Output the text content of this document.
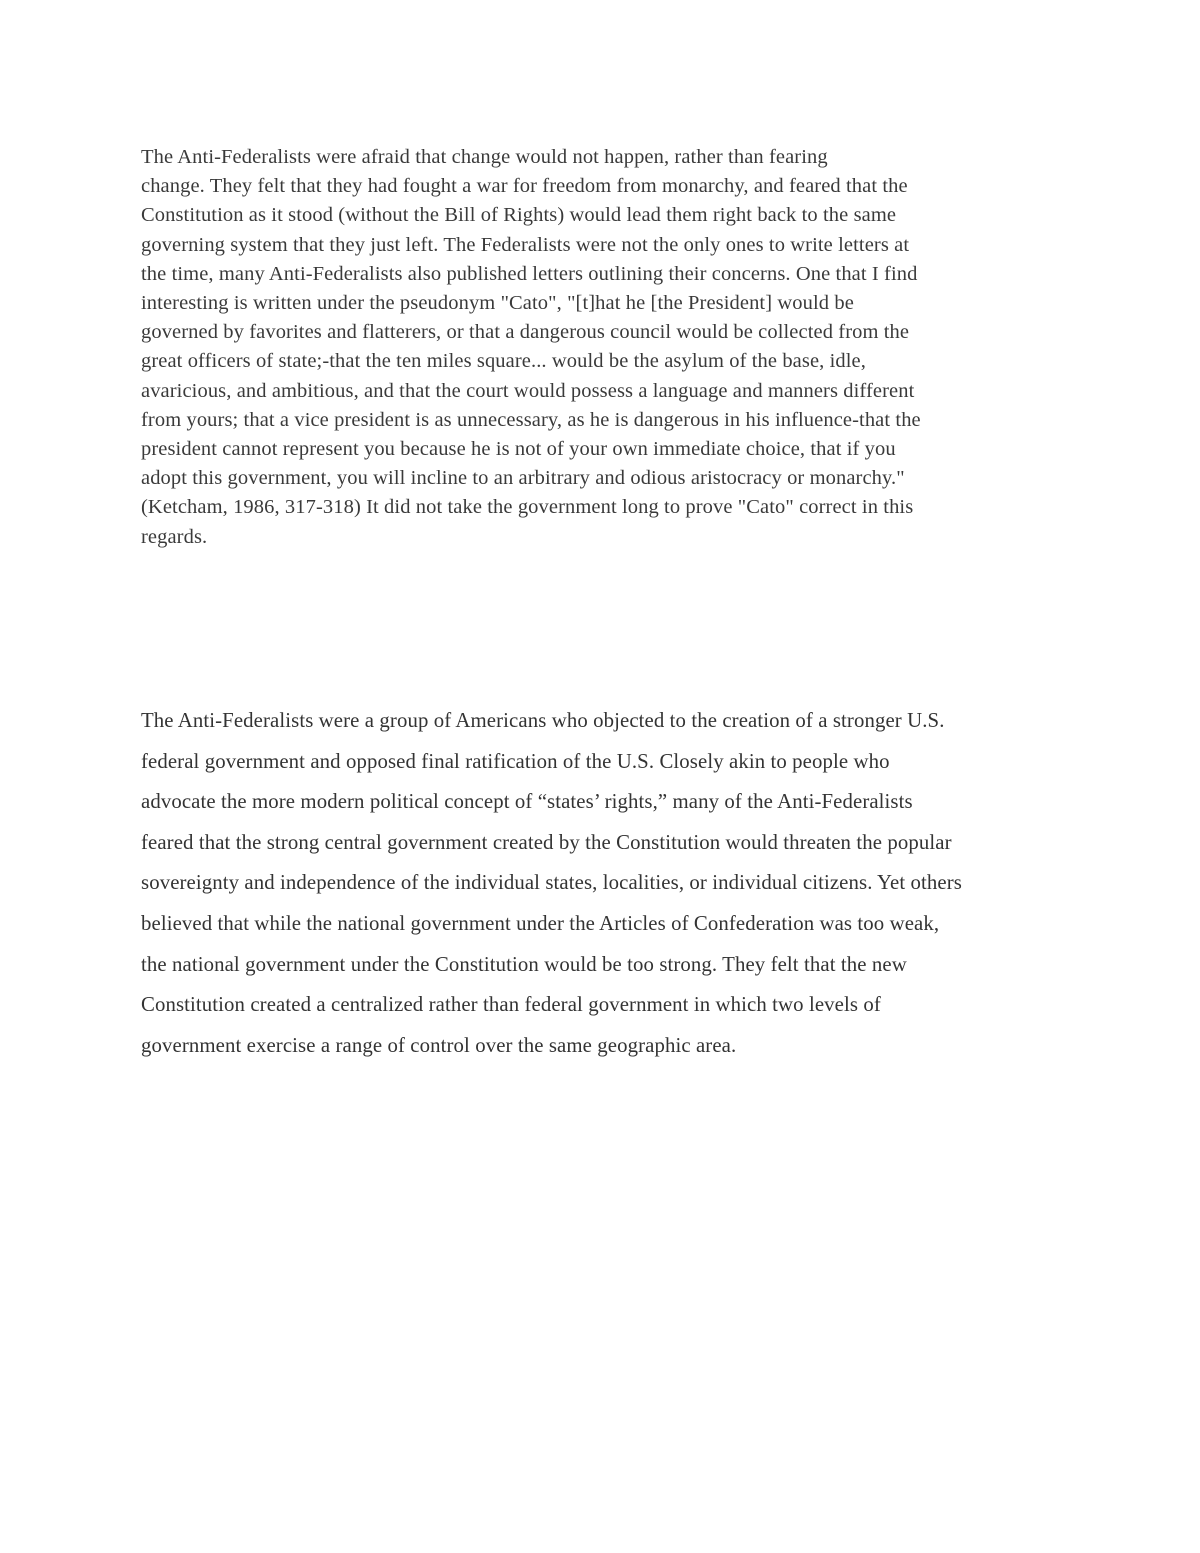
The Anti-Federalists were afraid that change would not happen, rather than fearing
change. They felt that they had fought a war for freedom from monarchy, and feared that the
Constitution as it stood (without the Bill of Rights) would lead them right back to the same
governing system that they just left. The Federalists were not the only ones to write letters at
the time, many Anti-Federalists also published letters outlining their concerns. One that I find
interesting is written under the pseudonym "Cato", "[t]hat he [the President] would be
governed by favorites and flatterers, or that a dangerous council would be collected from the
great officers of state;-that the ten miles square... would be the asylum of the base, idle,
avaricious, and ambitious, and that the court would possess a language and manners different
from yours; that a vice president is as unnecessary, as he is dangerous in his influence-that the
president cannot represent you because he is not of your own immediate choice, that if you
adopt this government, you will incline to an arbitrary and odious aristocracy or monarchy."
(Ketcham, 1986, 317-318) It did not take the government long to prove "Cato" correct in this
regards.

The Anti-Federalists were a group of Americans who objected to the creation of a stronger U.S.
federal government and opposed final ratification of the U.S. Closely akin to people who
advocate the more modern political concept of “states’ rights,” many of the Anti-Federalists
feared that the strong central government created by the Constitution would threaten the popular
sovereignty and independence of the individual states, localities, or individual citizens. Yet others
believed that while the national government under the Articles of Confederation was too weak,
the national government under the Constitution would be too strong. They felt that the new
Constitution created a centralized rather than federal government in which two levels of
government exercise a range of control over the same geographic area.
